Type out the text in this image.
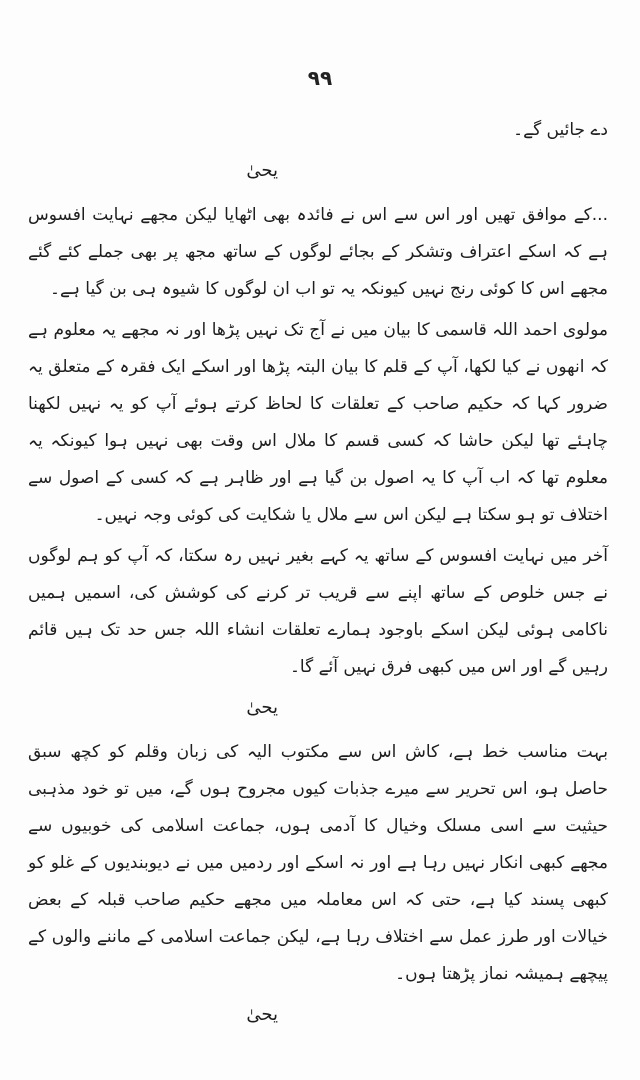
۹۹

دے جائیں گے۔

یحیٰ

...کے موافق تھیں اور اس سے اس نے فائدہ بھی اٹھایا لیکن مجھے نہایت افسوس ہے کہ اسکے اعتراف وتشکر کے بجائے لوگوں کے ساتھ مجھ پر بھی جملے کئے گئے مجھے اس کا کوئی رنج نہیں کیونکہ یہ تو اب ان لوگوں کا شیوہ ہی بن گیا ہے۔

مولوی احمد اللہ قاسمی کا بیان میں نے آج تک نہیں پڑھا اور نہ مجھے یہ معلوم ہے کہ انھوں نے کیا لکھا، آپ کے قلم کا بیان البتہ پڑھا اور اسکے ایک فقرہ کے متعلق یہ ضرور کہا کہ حکیم صاحب کے تعلقات کا لحاظ کرتے ہوئے آپ کو یہ نہیں لکھنا چاہئے تھا لیکن حاشا کہ کسی قسم کا ملال اس وقت بھی نہیں ہوا کیونکہ یہ معلوم تھا کہ اب آپ کا یہ اصول بن گیا ہے اور ظاہر ہے کہ کسی کے اصول سے اختلاف تو ہو سکتا ہے لیکن اس سے ملال یا شکایت کی کوئی وجہ نہیں۔

آخر میں نہایت افسوس کے ساتھ یہ کہے بغیر نہیں رہ سکتا، کہ آپ کو ہم لوگوں نے جس خلوص کے ساتھ اپنے سے قریب تر کرنے کی کوشش کی، اسمیں ہمیں ناکامی ہوئی لیکن اسکے باوجود ہمارے تعلقات انشاء اللہ جس حد تک ہیں قائم رہیں گے اور اس میں کبھی فرق نہیں آئے گا۔

یحیٰ

بہت مناسب خط ہے، کاش اس سے مکتوب الیہ کی زبان وقلم کو کچھ سبق حاصل ہو، اس تحریر سے میرے جذبات کیوں مجروح ہوں گے، میں تو خود مذہبی حیثیت سے اسی مسلک وخیال کا آدمی ہوں، جماعت اسلامی کی خوبیوں سے مجھے کبھی انکار نہیں رہا ہے اور نہ اسکے اور ردمیں میں نے دیوبندیوں کے غلو کو کبھی پسند کیا ہے، حتی کہ اس معاملہ میں مجھے حکیم صاحب قبلہ کے بعض خیالات اور طرز عمل سے اختلاف رہا ہے، لیکن جماعت اسلامی کے ماننے والوں کے پیچھے ہمیشہ نماز پڑھتا ہوں۔

یحیٰ
